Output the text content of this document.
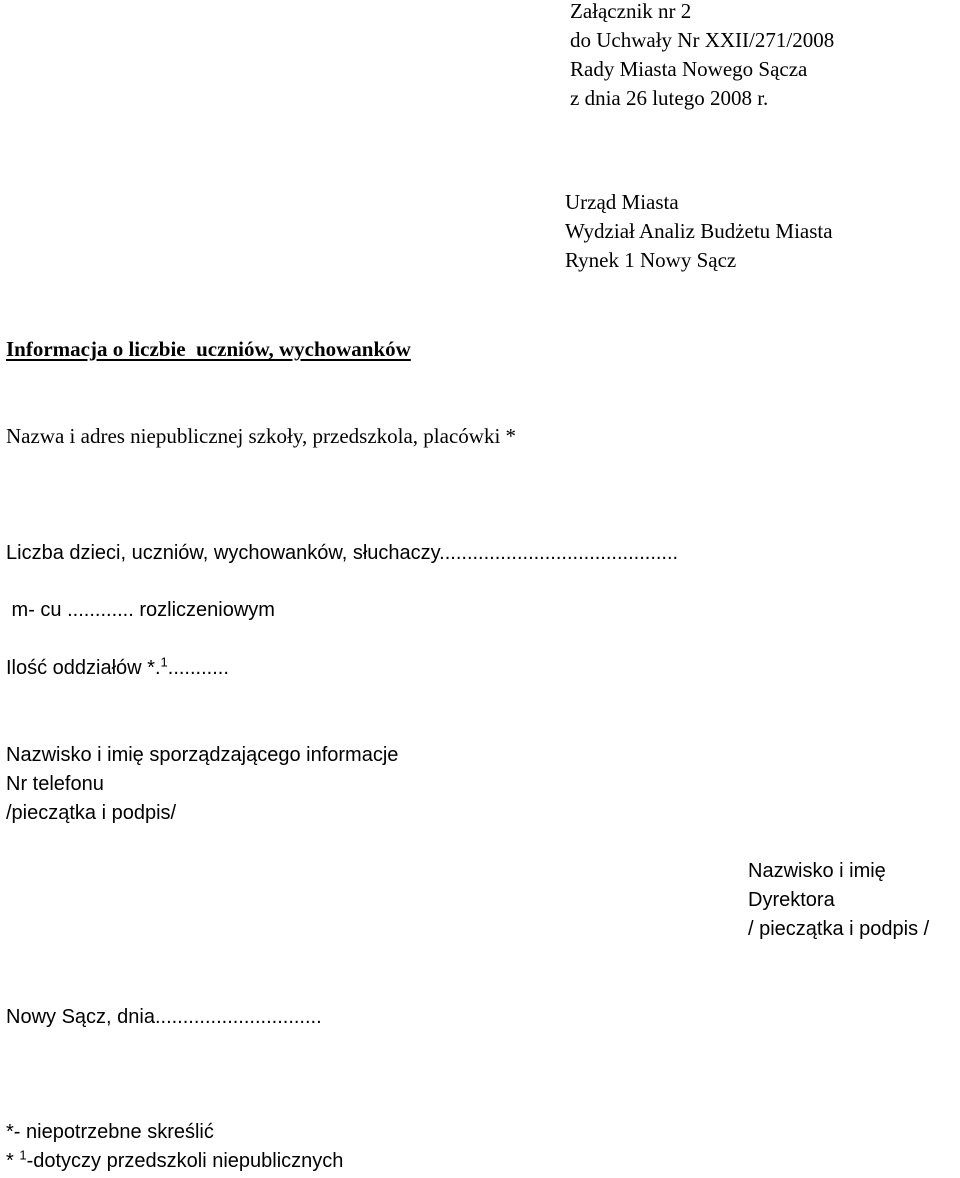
Załącznik nr 2
do Uchwały Nr XXII/271/2008
Rady Miasta Nowego Sącza
z dnia 26 lutego 2008 r.
Urząd Miasta
Wydział Analiz Budżetu Miasta
Rynek 1 Nowy Sącz
Informacja o liczbie  uczniów, wychowanków
Nazwa i adres niepublicznej szkoły, przedszkola, placówki *
Liczba dzieci, uczniów, wychowanków, słuchaczy...........................................
m- cu ............ rozliczeniowym
Ilość oddziałów *.$^1$...........
Nazwisko i imię sporządzającego informacje
Nr telefonu
/pieczątka i podpis/
Nazwisko i imię
Dyrektora
/ pieczątka i podpis /
Nowy Sącz, dnia..............................
*- niepotrzebne skreślić
* $^1$-dotyczy przedszkoli niepublicznych
